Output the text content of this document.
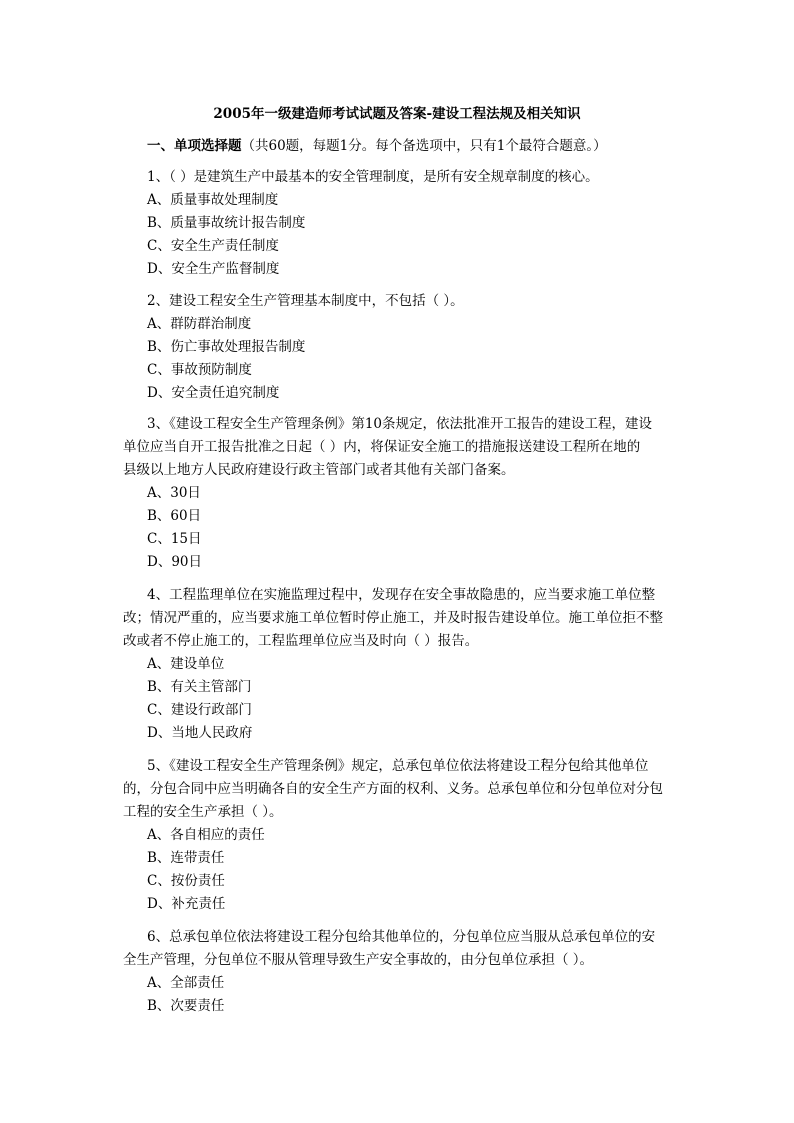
2005年一级建造师考试试题及答案-建设工程法规及相关知识
一、单项选择题（共60题，每题1分。每个备选项中，只有1个最符合题意。）
1、（ ）是建筑生产中最基本的安全管理制度，是所有安全规章制度的核心。
A、质量事故处理制度
B、质量事故统计报告制度
C、安全生产责任制度
D、安全生产监督制度
2、建设工程安全生产管理基本制度中，不包括（ ）。
A、群防群治制度
B、伤亡事故处理报告制度
C、事故预防制度
D、安全责任追究制度
3、《建设工程安全生产管理条例》第10条规定，依法批准开工报告的建设工程，建设
单位应当自开工报告批准之日起（ ）内，将保证安全施工的措施报送建设工程所在地的
县级以上地方人民政府建设行政主管部门或者其他有关部门备案。
A、30日
B、60日
C、15日
D、90日
4、工程监理单位在实施监理过程中，发现存在安全事故隐患的，应当要求施工单位整
改；情况严重的，应当要求施工单位暂时停止施工，并及时报告建设单位。施工单位拒不整
改或者不停止施工的，工程监理单位应当及时向（ ）报告。
A、建设单位
B、有关主管部门
C、建设行政部门
D、当地人民政府
5、《建设工程安全生产管理条例》规定，总承包单位依法将建设工程分包给其他单位
的，分包合同中应当明确各自的安全生产方面的权利、义务。总承包单位和分包单位对分包
工程的安全生产承担（ ）。
A、各自相应的责任
B、连带责任
C、按份责任
D、补充责任
6、总承包单位依法将建设工程分包给其他单位的，分包单位应当服从总承包单位的安
全生产管理，分包单位不服从管理导致生产安全事故的，由分包单位承担（ ）。
A、全部责任
B、次要责任
